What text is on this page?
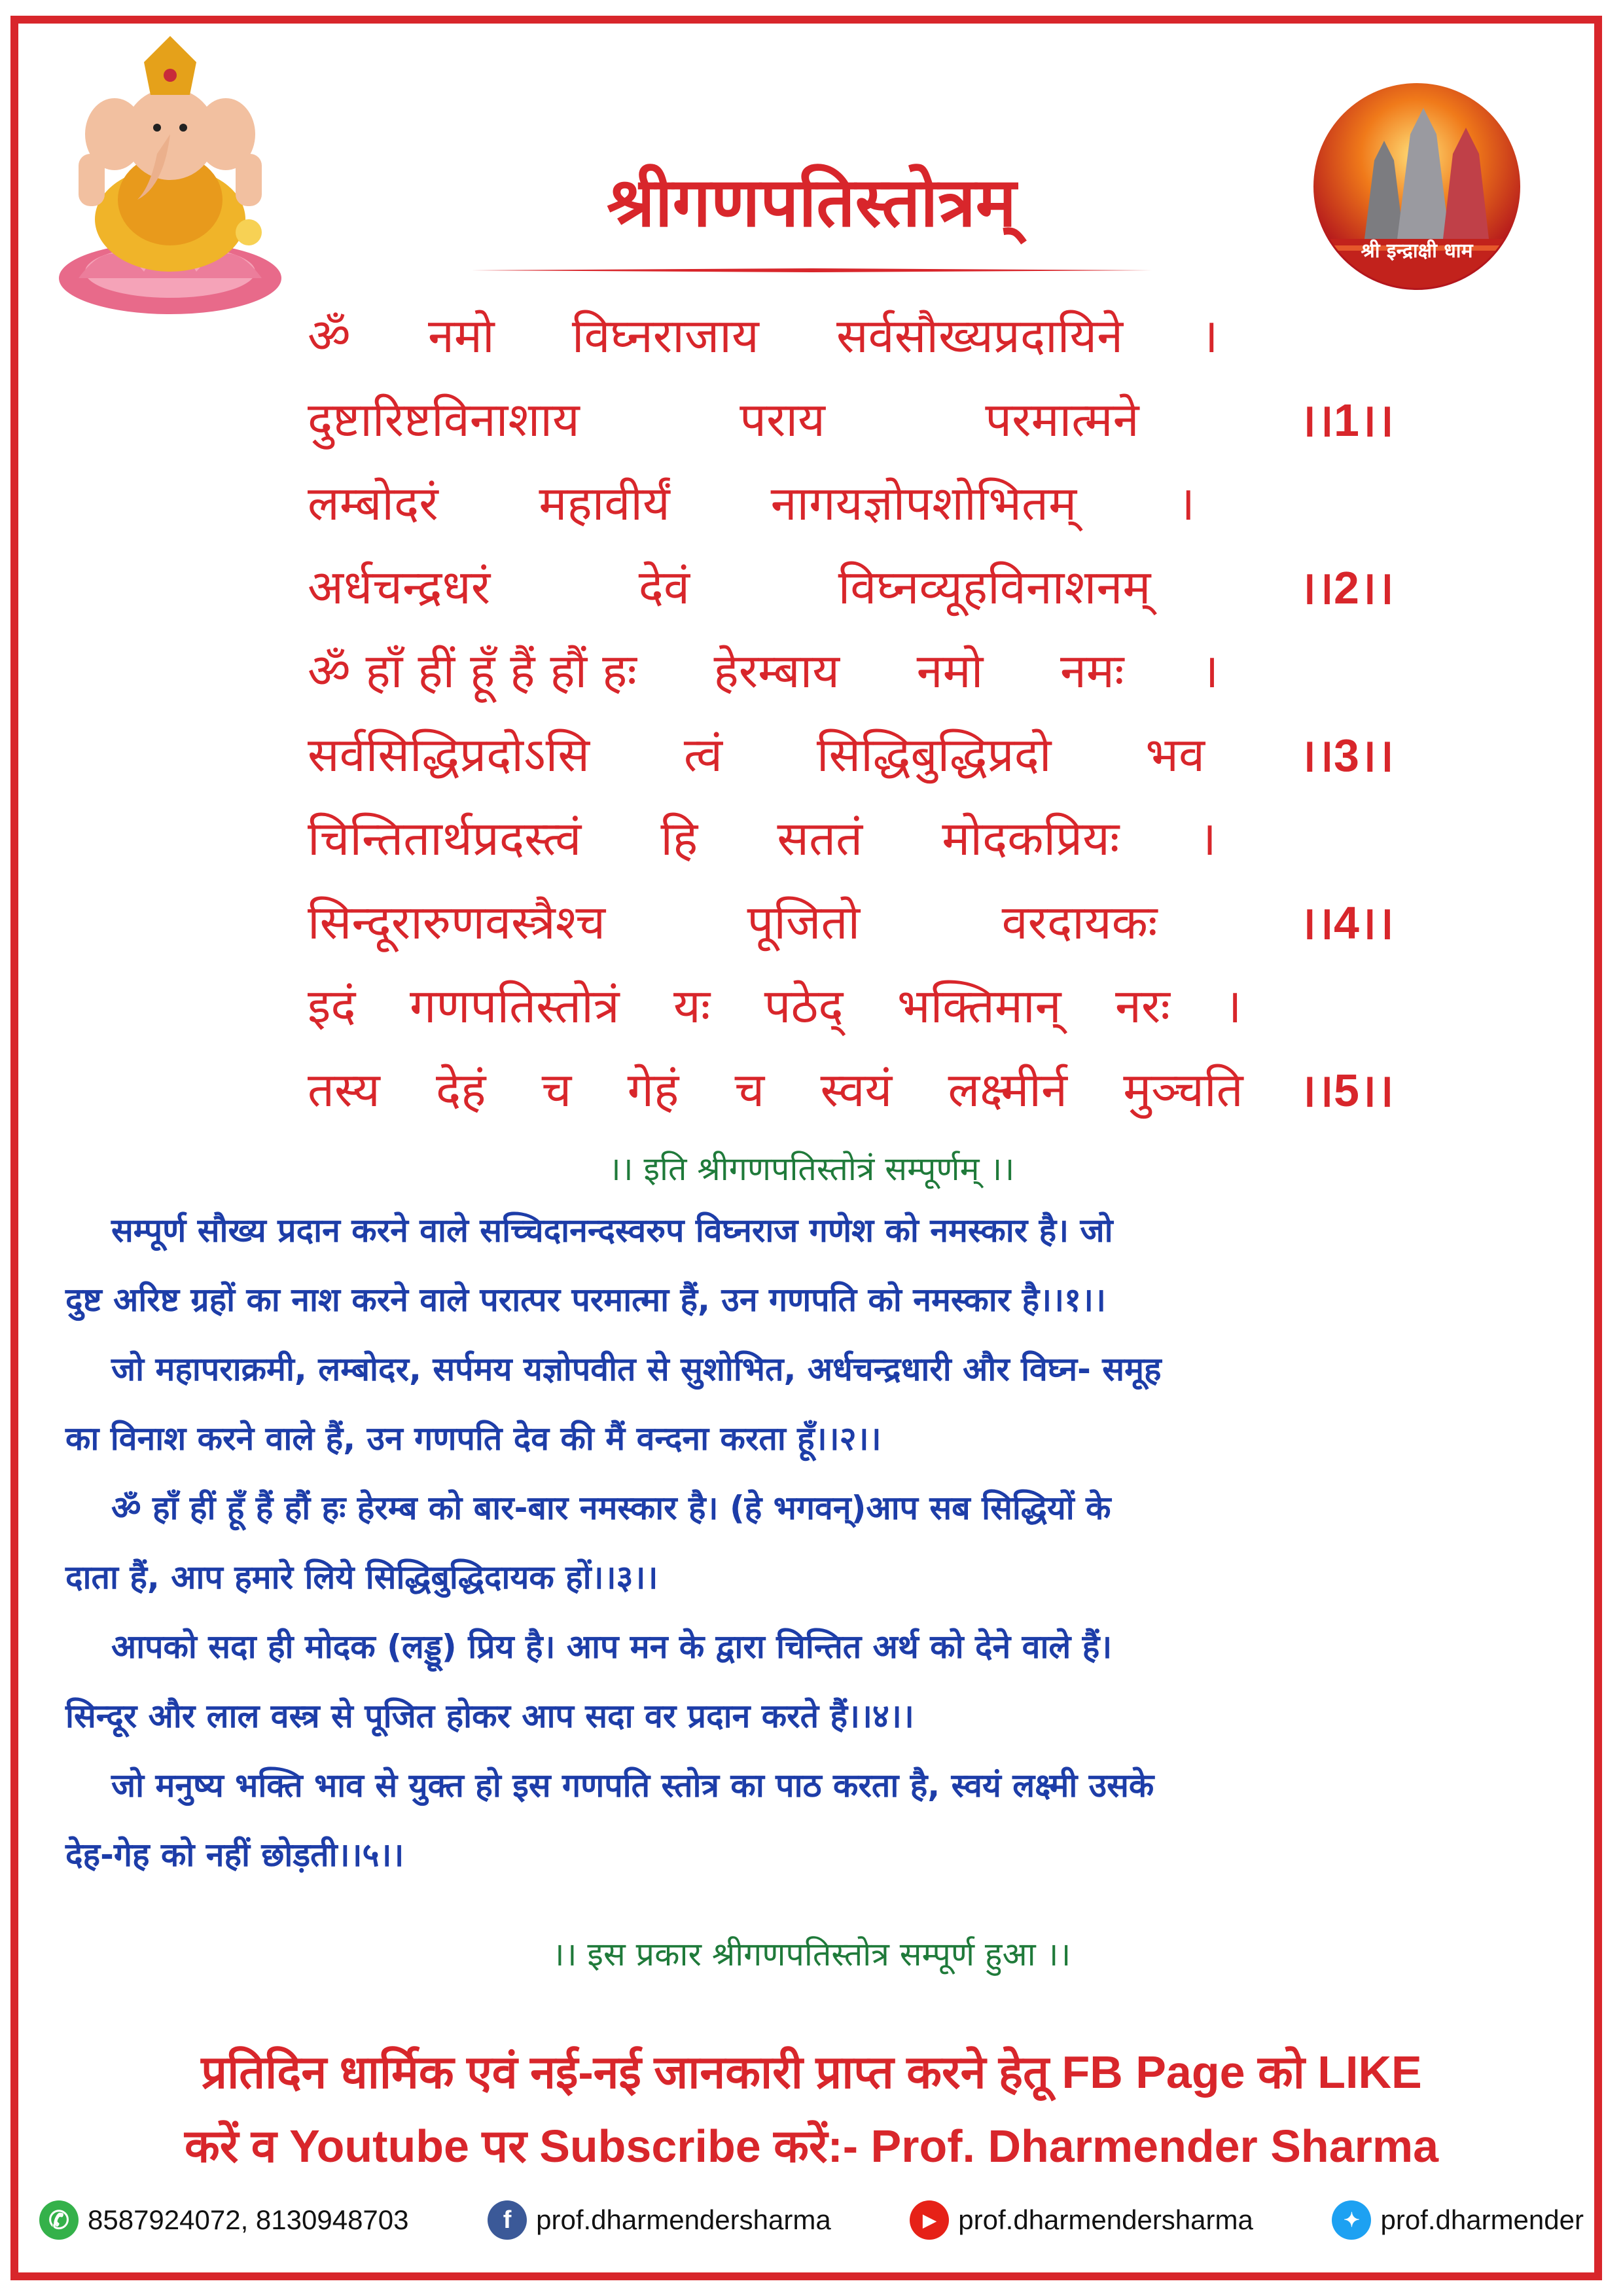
श्री इन्द्राक्षी धाम
श्रीगणपतिस्तोत्रम्
ॐ नमो विघ्नराजाय सर्वसौख्यप्रदायिने ।
दुष्टारिष्टविनाशाय	पराय	परमात्मने	।।1।।
लम्बोदरं महावीर्यं नागयज्ञोपशोभितम् ।
अर्धचन्द्रधरं	देवं	विघ्नव्यूहविनाशनम्	।।2।।
ॐ हाँ हीं हूँ हैं हौं हः हेरम्बाय नमो नमः ।
सर्वसिद्धिप्रदोऽसि त्वं सिद्धिबुद्धिप्रदो भव ।।3।।
चिन्तितार्थप्रदस्त्वं हि सततं मोदकप्रियः ।
सिन्दूरारुणवस्त्रैश्च	पूजितो	वरदायकः	।।4।।
इदं गणपतिस्तोत्रं यः पठेद् भक्तिमान् नरः ।
तस्य देहं च गेहं च स्वयं लक्ष्मीर्न मुञ्चति ।।5।।
।। इति श्रीगणपतिस्तोत्रं सम्पूर्णम् ।।
सम्पूर्ण सौख्य प्रदान करने वाले सच्चिदानन्दस्वरुप विघ्नराज गणेश को नमस्कार है। जो
दुष्ट अरिष्ट ग्रहों का नाश करने वाले परात्पर परमात्मा हैं, उन गणपति को नमस्कार है।।१।।
जो महापराक्रमी, लम्बोदर, सर्पमय यज्ञोपवीत से सुशोभित, अर्धचन्द्रधारी और विघ्न- समूह
का विनाश करने वाले हैं, उन गणपति देव की मैं वन्दना करता हूँ।।२।।
ॐ हाँ हीं हूँ हैं हौं हः हेरम्ब को बार-बार नमस्कार है। (हे भगवन्)आप सब सिद्धियों के
दाता हैं, आप हमारे लिये सिद्धिबुद्धिदायक हों।।३।।
आपको सदा ही मोदक (लड्डू) प्रिय है। आप मन के द्वारा चिन्तित अर्थ को देने वाले हैं।
सिन्दूर और लाल वस्त्र से पूजित होकर आप सदा वर प्रदान करते हैं।।४।।
जो मनुष्य भक्ति भाव से युक्त हो इस गणपति स्तोत्र का पाठ करता है, स्वयं लक्ष्मी उसके
देह-गेह को नहीं छोड़ती।।५।।
।। इस प्रकार श्रीगणपतिस्तोत्र सम्पूर्ण हुआ ।।
प्रतिदिन धार्मिक एवं नई-नई जानकारी प्राप्त करने हेतू FB Page को LIKE
करें व Youtube पर Subscribe करें:- Prof. Dharmender Sharma
✆ 8587924072, 8130948703	f prof.dharmendersharma	▶ prof.dharmendersharma	✦ prof.dharmender
